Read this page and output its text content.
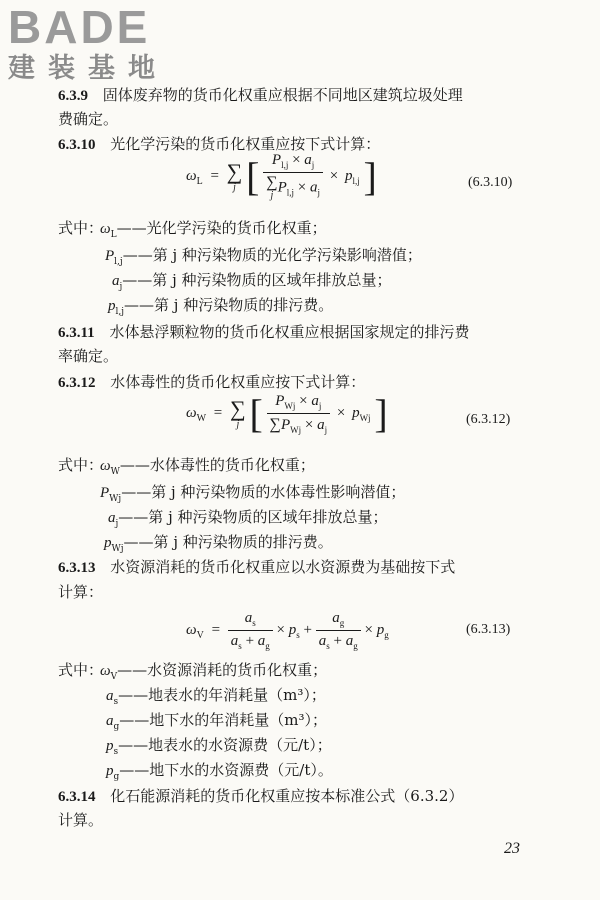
BADE
建装基地
6.3.9 固体废弃物的货币化权重应根据不同地区建筑垃圾处理
费确定。
6.3.10 光化学污染的货币化权重应按下式计算：
$\omega_L$ = ∑
j [ $P_{l,j} \times a_j$
∑
j
$P_{l,j} \times a_j \times p_{l,j}$ ]	(6.3.10)
式中：
$\omega_L——$光化学污染的货币化权重；
$P_{l,j}——$第 j 种污染物质的光化学污染影响潜值；
$a_j——$第 j 种污染物质的区域年排放总量；
$p_{l,j}——$第 j 种污染物质的排污费。
6.3.11 水体悬浮颗粒物的货币化权重应根据国家规定的排污费
率确定。
6.3.12 水体毒性的货币化权重应按下式计算：
$\omega_W$ = ∑
j [ $\frac{P_{Wj} \times a_j}{\sum P_{Wj} \times a_j} \times p_{Wj}$ ]	(6.3.12)
式中：
$\omega_W——$水体毒性的货币化权重；
$P_{Wj}——$第 j 种污染物质的水体毒性影响潜值；
$a_j——$第 j 种污染物质的区域年排放总量；
$p_{Wj}——$第 j 种污染物质的排污费。
6.3.13 水资源消耗的货币化权重应以水资源费为基础按下式
计算：
$\omega_V = \frac{a_s}{a_s + a_g} \times p_s + \frac{a_g}{a_s + a_g} \times p_g$	(6.3.13)
式中：
$\omega_V——$水资源消耗的货币化权重；
$a_s——$地表水的年消耗量（m³）；
$a_g——$地下水的年消耗量（m³）；
$p_s——$地表水的水资源费（元/t）；
$p_g——$地下水的水资源费（元/t）。
6.3.14 化石能源消耗的货币化权重应按本标准公式（6.3.2）
计算。
23
